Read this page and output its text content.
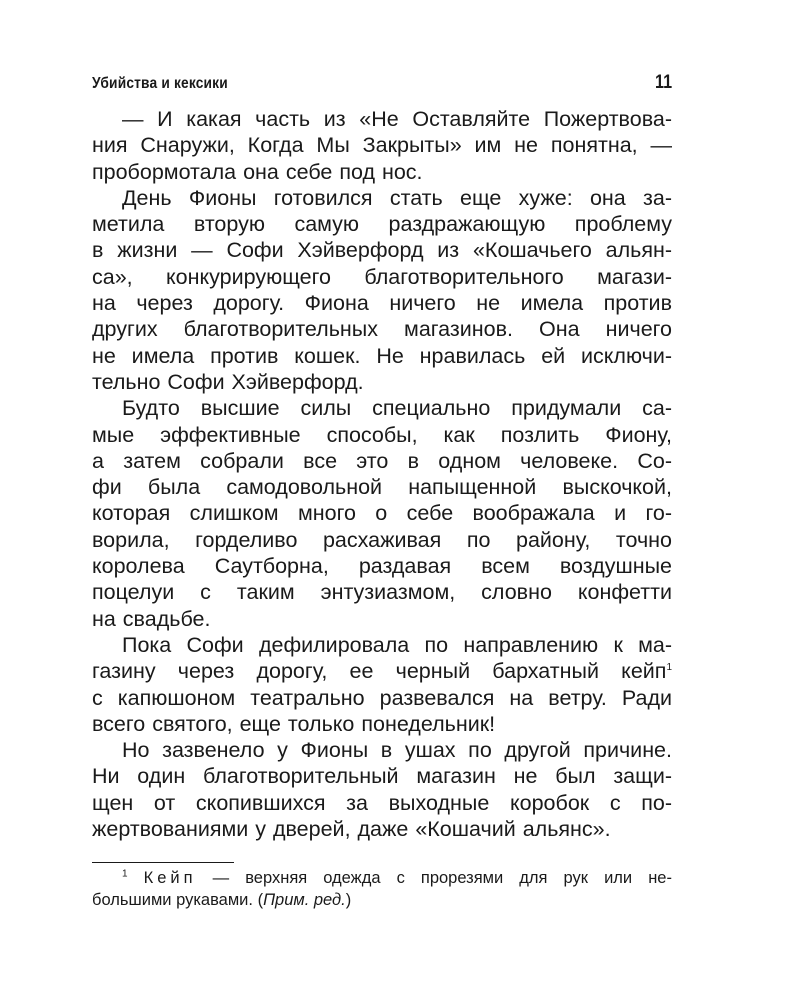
Убийства и кексики	11
— И какая часть из «Не Оставляйте Пожертвова-
ния Снаружи, Когда Мы Закрыты» им не понятна, —
пробормотала она себе под нос.
День Фионы готовился стать еще хуже: она за-
метила вторую самую раздражающую проблему
в жизни — Софи Хэйверфорд из «Кошачьего альян-
са», конкурирующего благотворительного магази-
на через дорогу. Фиона ничего не имела против
других благотворительных магазинов. Она ничего
не имела против кошек. Не нравилась ей исключи-
тельно Софи Хэйверфорд.
Будто высшие силы специально придумали са-
мые эффективные способы, как позлить Фиону,
а затем собрали все это в одном человеке. Со-
фи была самодовольной напыщенной выскочкой,
которая слишком много о себе воображала и го-
ворила, горделиво расхаживая по району, точно
королева Саутборна, раздавая всем воздушные
поцелуи с таким энтузиазмом, словно конфетти
на свадьбе.
Пока Софи дефилировала по направлению к ма-
газину через дорогу, ее черный бархатный кейп$^1$
с капюшоном театрально развевался на ветру. Ради
всего святого, еще только понедельник!
Но зазвенело у Фионы в ушах по другой причине.
Ни один благотворительный магазин не был защи-
щен от скопившихся за выходные коробок с по-
жертвованиями у дверей, даже «Кошачий альянс».
$^1$ Кейп — верхняя одежда с прорезями для рук или не-
большими рукавами. (Прим. ред.)
